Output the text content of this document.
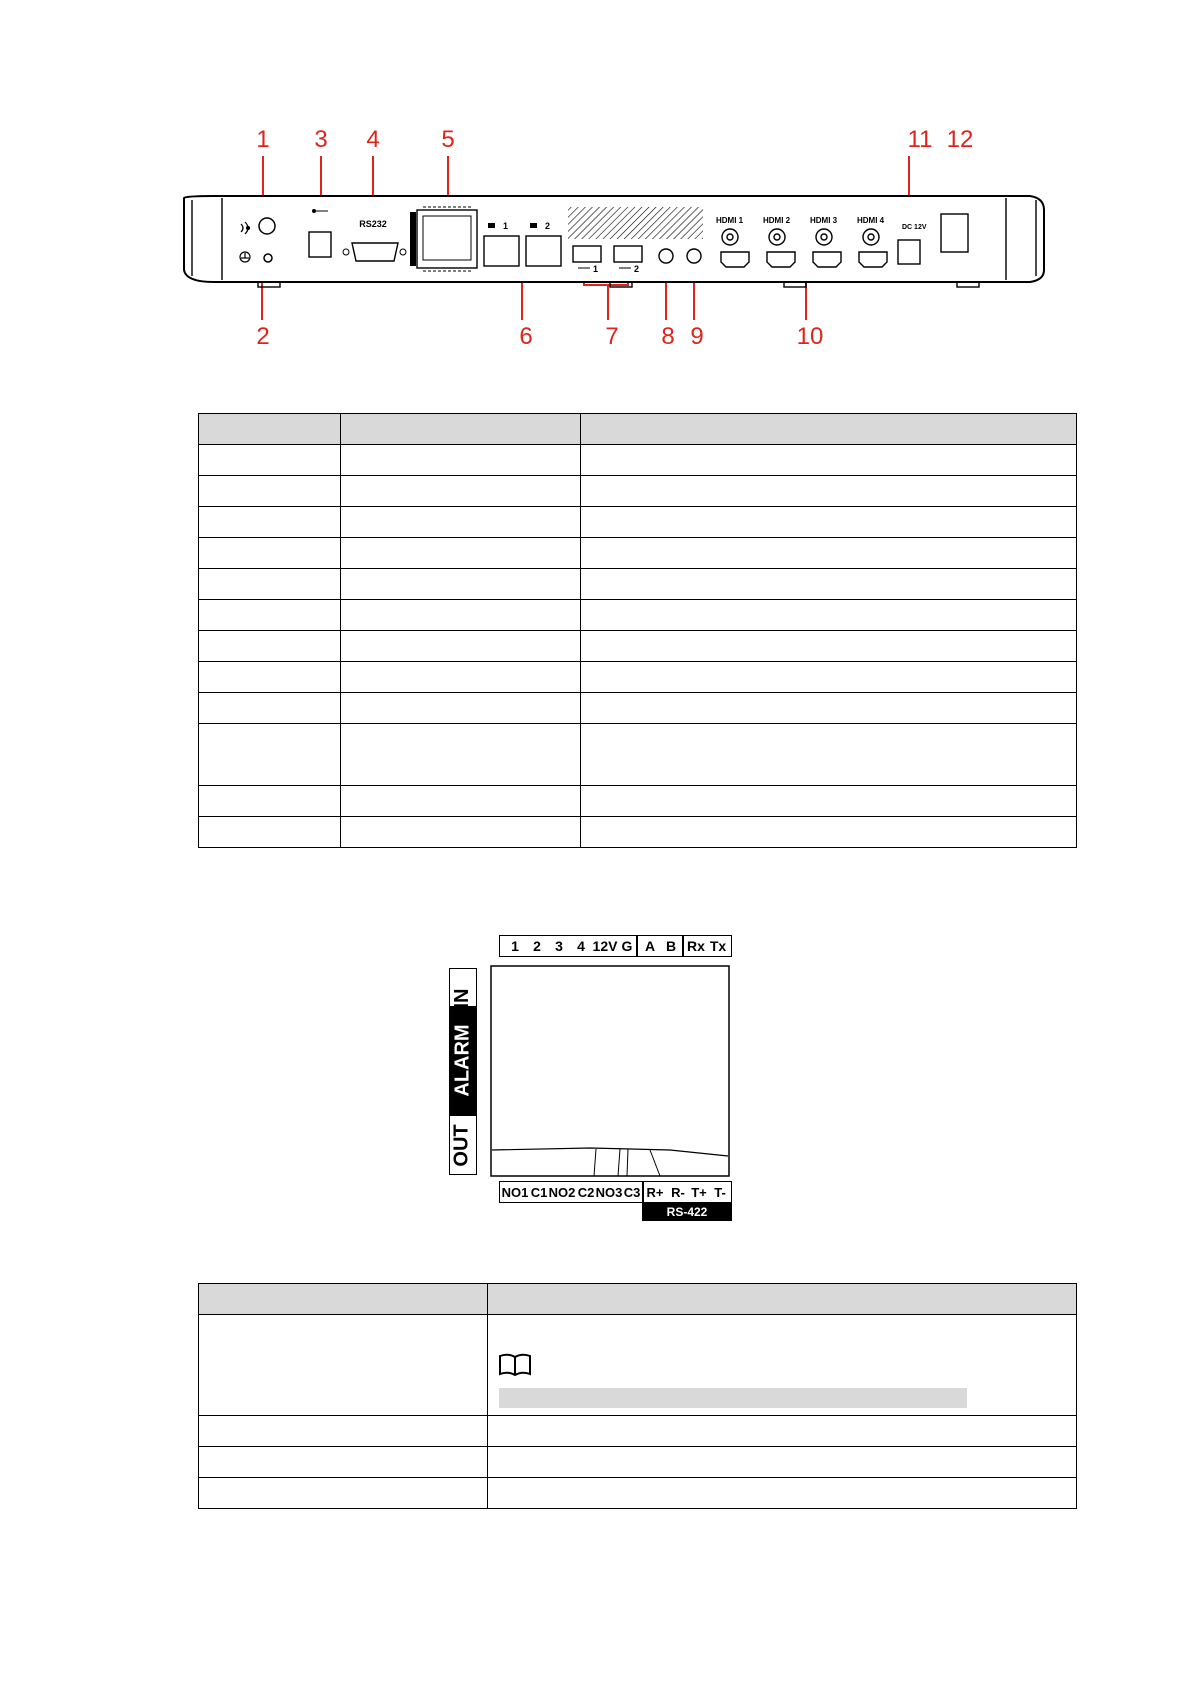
1	3	4	5	11 12
2	6	7	8 9	10
RS232	1	2
1	2
HDMI 1 HDMI 2 HDMI 3 HDMI 4
DC 12V

1	2	3	4 12V G A B Rx Tx
IN
ALARM
OUT
NO1 C1 NO2 C2 NO3 C3 R+ R- T+ T-
RS-422
